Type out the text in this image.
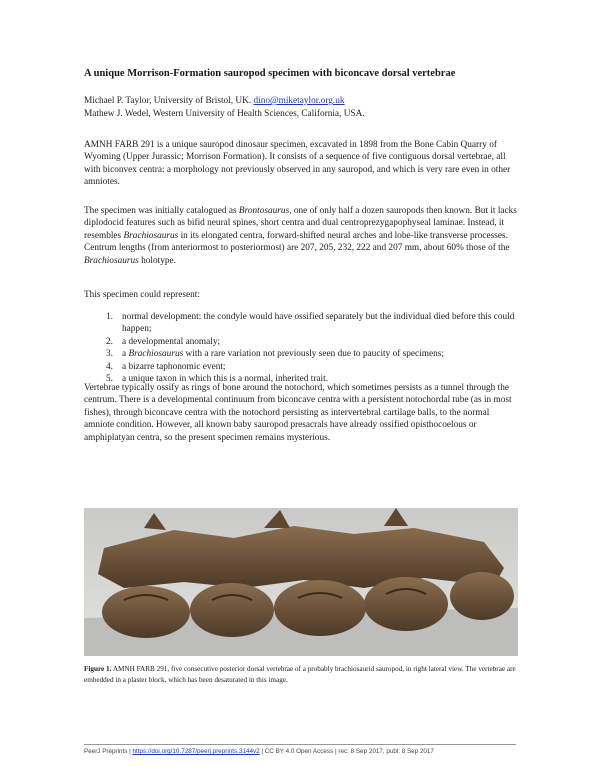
A unique Morrison-Formation sauropod specimen with biconcave dorsal vertebrae
Michael P. Taylor, University of Bristol, UK. dino@miketaylor.org.uk
Mathew J. Wedel, Western University of Health Sciences, California, USA.

AMNH FARB 291 is a unique sauropod dinosaur specimen, excavated in 1898 from the Bone Cabin Quarry of Wyoming (Upper Jurassic; Morrison Formation). It consists of a sequence of five contiguous dorsal vertebrae, all with biconvex centra: a morphology not previously observed in any sauropod, and which is very rare even in other amniotes.

The specimen was initially catalogued as Brontosaurus, one of only half a dozen sauropods then known. But it lacks diplodocid features such as bifid neural spines, short centra and dual centroprezygapophyseal laminae. Instead, it resembles Brachiosaurus in its elongated centra, forward-shifted neural arches and lobe-like transverse processes. Centrum lengths (from anteriormost to posteriormost) are 207, 205, 232, 222 and 207 mm, about 60% those of the Brachiosaurus holotype.

This specimen could represent:

1. normal development: the condyle would have ossified separately but the individual died before this could happen;
2. a developmental anomaly;
3. a Brachiosaurus with a rare variation not previously seen due to paucity of specimens;
4. a bizarre taphonomic event;
5. a unique taxon in which this is a normal, inherited trait.

Vertebrae typically ossify as rings of bone around the notochord, which sometimes persists as a tunnel through the centrum. There is a developmental continuum from biconcave centra with a persistent notochordal tube (as in most fishes), through biconcave centra with the notochord persisting as intervertebral cartilage balls, to the normal amniote condition. However, all known baby sauropod presacrals have already ossified opisthocoelous or amphiplatyan centra, so the present specimen remains mysterious.

Figure 1. AMNH FARB 291, five consecutive posterior dorsal vertebrae of a probably brachiosaurid sauropod, in right lateral view. The vertebrae are embedded in a plaster block, which has been desaturated in this image.
PeerJ Preprints | https://doi.org/10.7287/peerj.preprints.3144v2 | CC BY 4.0 Open Access | rec: 8 Sep 2017, publ: 8 Sep 2017
